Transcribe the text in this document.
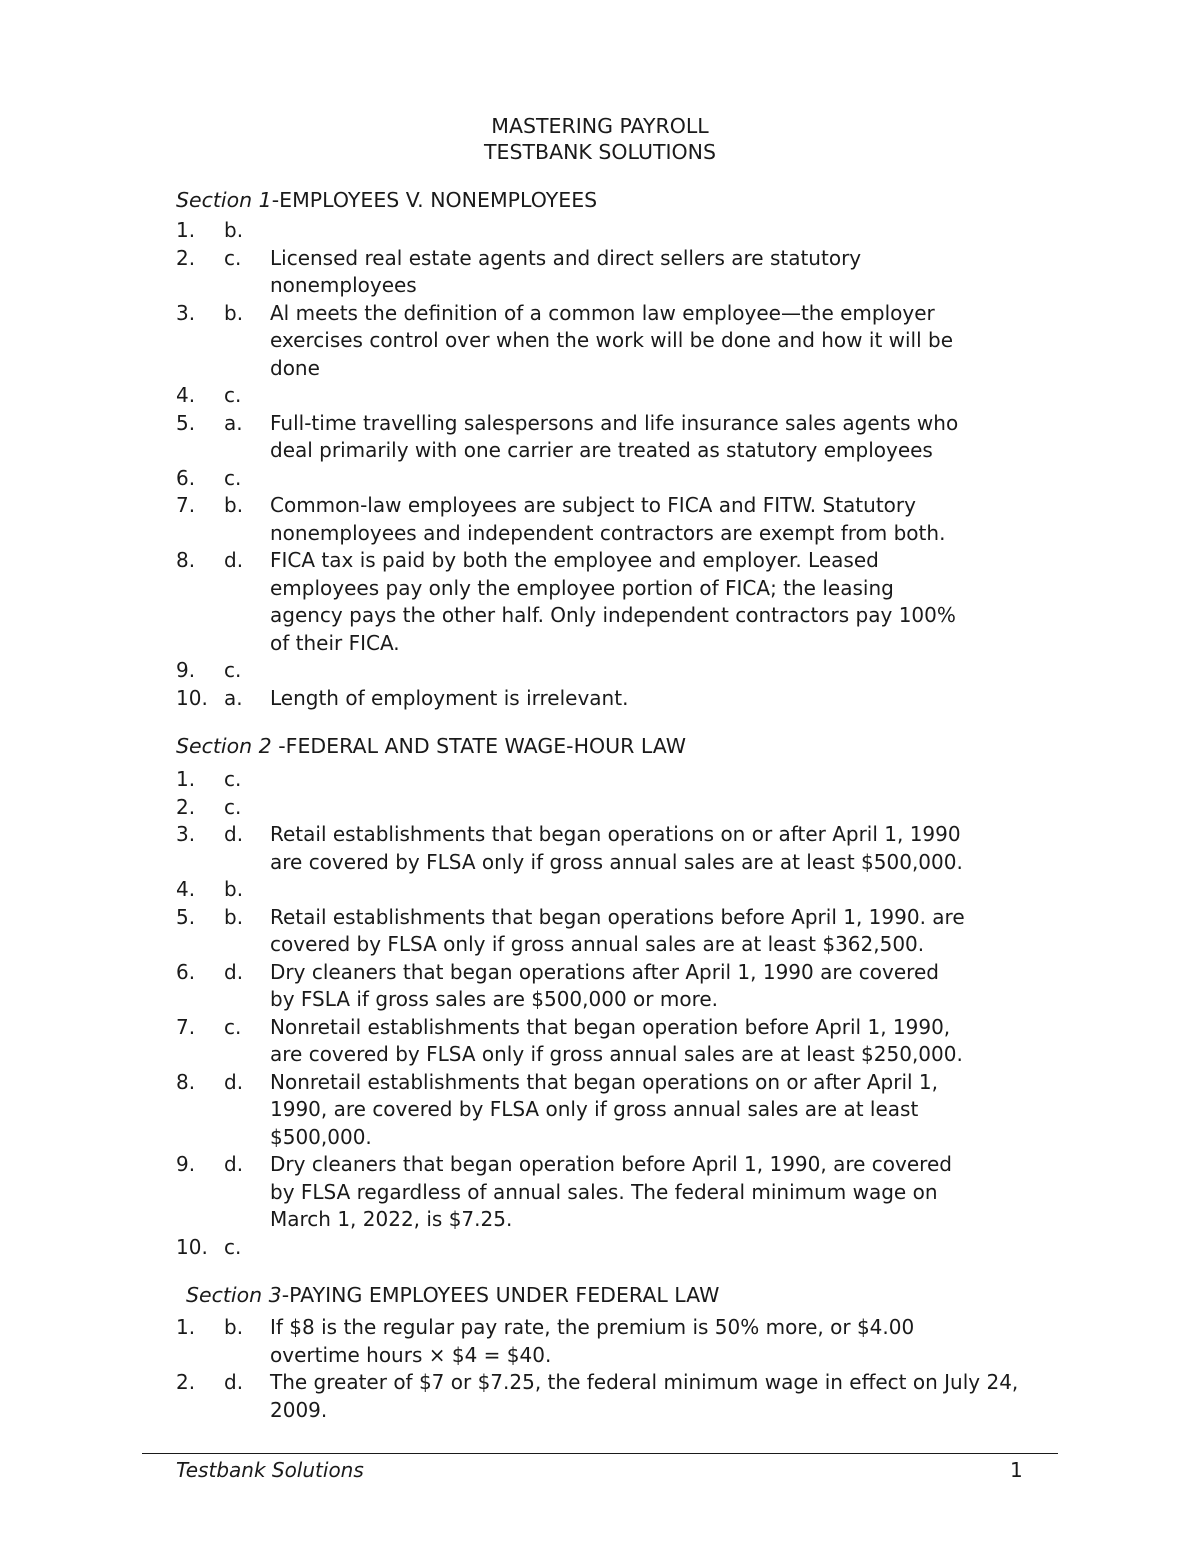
MASTERING PAYROLL
TESTBANK SOLUTIONS
Section 1-EMPLOYEES V. NONEMPLOYEES
1.	b.
2.	c.	Licensed real estate agents and direct sellers are statutory
nonemployees
3.	b.	Al meets the definition of a common law employee—the employer
exercises control over when the work will be done and how it will be
done
4.	c.
5.	a.	Full-time travelling salespersons and life insurance sales agents who
deal primarily with one carrier are treated as statutory employees
6.	c.
7.	b.	Common-law employees are subject to FICA and FITW. Statutory
nonemployees and independent contractors are exempt from both.
8.	d.	FICA tax is paid by both the employee and employer. Leased
employees pay only the employee portion of FICA; the leasing
agency pays the other half. Only independent contractors pay 100%
of their FICA.
9.	c.
10. a.	Length of employment is irrelevant.
Section 2 -FEDERAL AND STATE WAGE-HOUR LAW
1.	c.
2.	c.
3.	d.	Retail establishments that began operations on or after April 1, 1990
are covered by FLSA only if gross annual sales are at least $500,000.
4.	b.
5.	b.	Retail establishments that began operations before April 1, 1990. are
covered by FLSA only if gross annual sales are at least $362,500.
6.	d.	Dry cleaners that began operations after April 1, 1990 are covered
by FSLA if gross sales are $500,000 or more.
7.	c.	Nonretail establishments that began operation before April 1, 1990,
are covered by FLSA only if gross annual sales are at least $250,000.
8.	d.	Nonretail establishments that began operations on or after April 1,
1990, are covered by FLSA only if gross annual sales are at least
$500,000.
9.	d.	Dry cleaners that began operation before April 1, 1990, are covered
by FLSA regardless of annual sales. The federal minimum wage on
March 1, 2022, is $7.25.
10. c.
Section 3-PAYING EMPLOYEES UNDER FEDERAL LAW
1.	b.	If $8 is the regular pay rate, the premium is 50% more, or $4.00
overtime hours × $4 = $40.
2.	d.	The greater of $7 or $7.25, the federal minimum wage in effect on July 24,
2009.
Testbank Solutions	1
